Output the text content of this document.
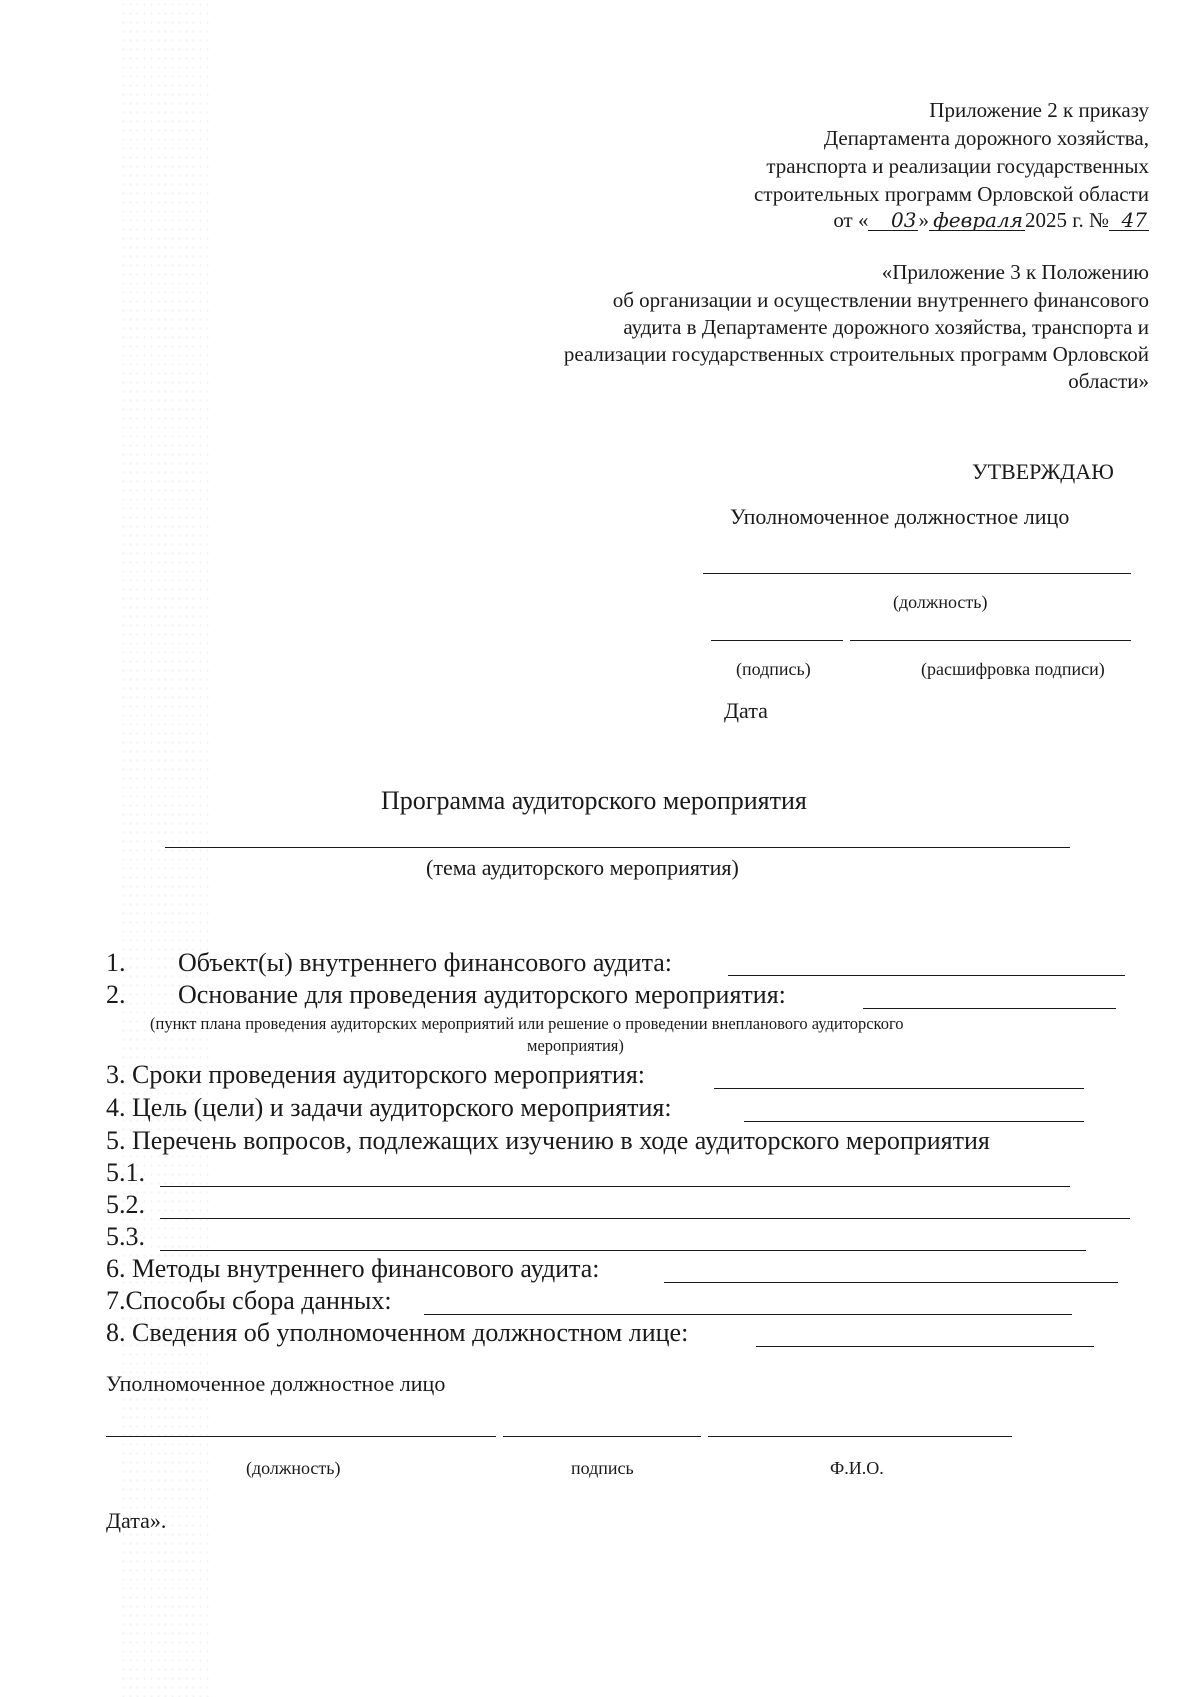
Приложение 2 к приказу
Департамента дорожного хозяйства,
транспорта и реализации государственных
строительных программ Орловской области
от « 03» февраля2025 г. № 47
«Приложение 3 к Положению
об организации и осуществлении внутреннего финансового
аудита в Департаменте дорожного хозяйства, транспорта и
реализации государственных строительных программ Орловской
области»
УТВЕРЖДАЮ
Уполномоченное должностное лицо
(должность)
(подпись)	(расшифровка подписи)
Дата
Программа аудиторского мероприятия
(тема аудиторского мероприятия)
1. Объект(ы) внутреннего финансового аудита:
2. Основание для проведения аудиторского мероприятия:
(пункт плана проведения аудиторских мероприятий или решение о проведении внепланового аудиторского
мероприятия)
3. Сроки проведения аудиторского мероприятия:
4. Цель (цели) и задачи аудиторского мероприятия:
5. Перечень вопросов, подлежащих изучению в ходе аудиторского мероприятия
5.1.
5.2.
5.3.
6. Методы внутреннего финансового аудита:
7.Способы сбора данных:
8. Сведения об уполномоченном должностном лице:
Уполномоченное должностное лицо
(должность)	подпись	Ф.И.О.
Дата».
